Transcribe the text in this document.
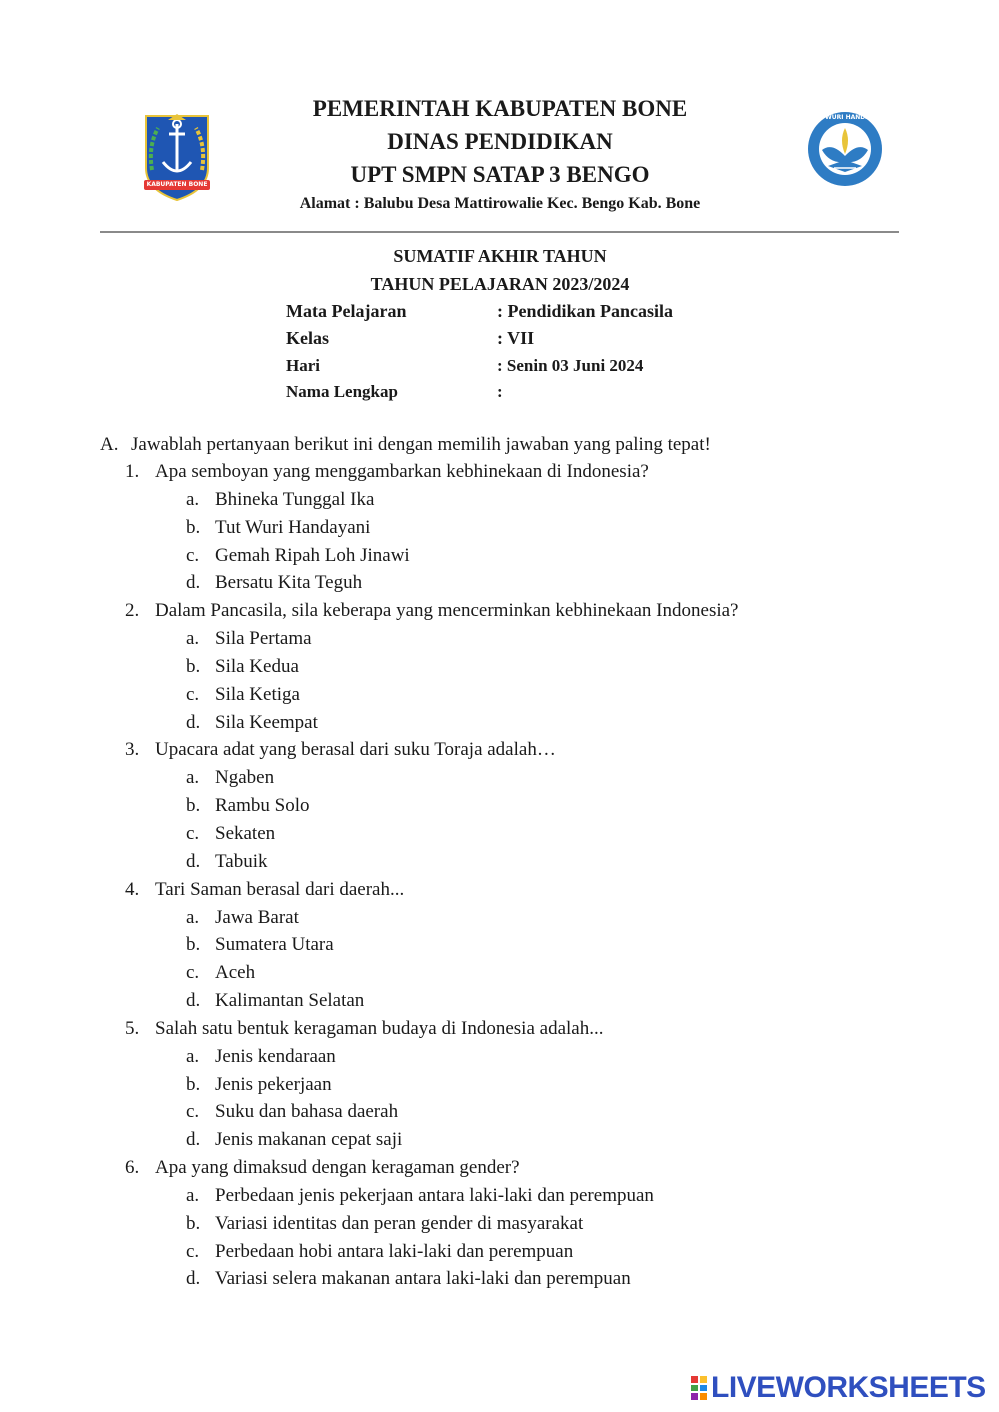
KABUPATEN BONE
PEMERINTAH KABUPATEN BONE
DINAS PENDIDIKAN
UPT SMPN SATAP 3 BENGO
Alamat : Balubu Desa Mattirowalie Kec. Bengo Kab. Bone
TUT WURI HANDAYANI
SUMATIF AKHIR TAHUN
TAHUN PELAJARAN 2023/2024
Mata Pelajaran	: Pendidikan Pancasila
Kelas	: VII
Hari	: Senin 03 Juni 2024
Nama Lengkap	:
A. Jawablah pertanyaan berikut ini dengan memilih jawaban yang paling tepat!
1. Apa semboyan yang menggambarkan kebhinekaan di Indonesia?
a. Bhineka Tunggal Ika
b. Tut Wuri Handayani
c. Gemah Ripah Loh Jinawi
d. Bersatu Kita Teguh
2. Dalam Pancasila, sila keberapa yang mencerminkan kebhinekaan Indonesia?
a. Sila Pertama
b. Sila Kedua
c. Sila Ketiga
d. Sila Keempat
3. Upacara adat yang berasal dari suku Toraja adalah…
a. Ngaben
b. Rambu Solo
c. Sekaten
d. Tabuik
4. Tari Saman berasal dari daerah...
a. Jawa Barat
b. Sumatera Utara
c. Aceh
d. Kalimantan Selatan
5. Salah satu bentuk keragaman budaya di Indonesia adalah...
a. Jenis kendaraan
b. Jenis pekerjaan
c. Suku dan bahasa daerah
d. Jenis makanan cepat saji
6. Apa yang dimaksud dengan keragaman gender?
a. Perbedaan jenis pekerjaan antara laki-laki dan perempuan
b. Variasi identitas dan peran gender di masyarakat
c. Perbedaan hobi antara laki-laki dan perempuan
d. Variasi selera makanan antara laki-laki dan perempuan
LIVEWORKSHEETS
